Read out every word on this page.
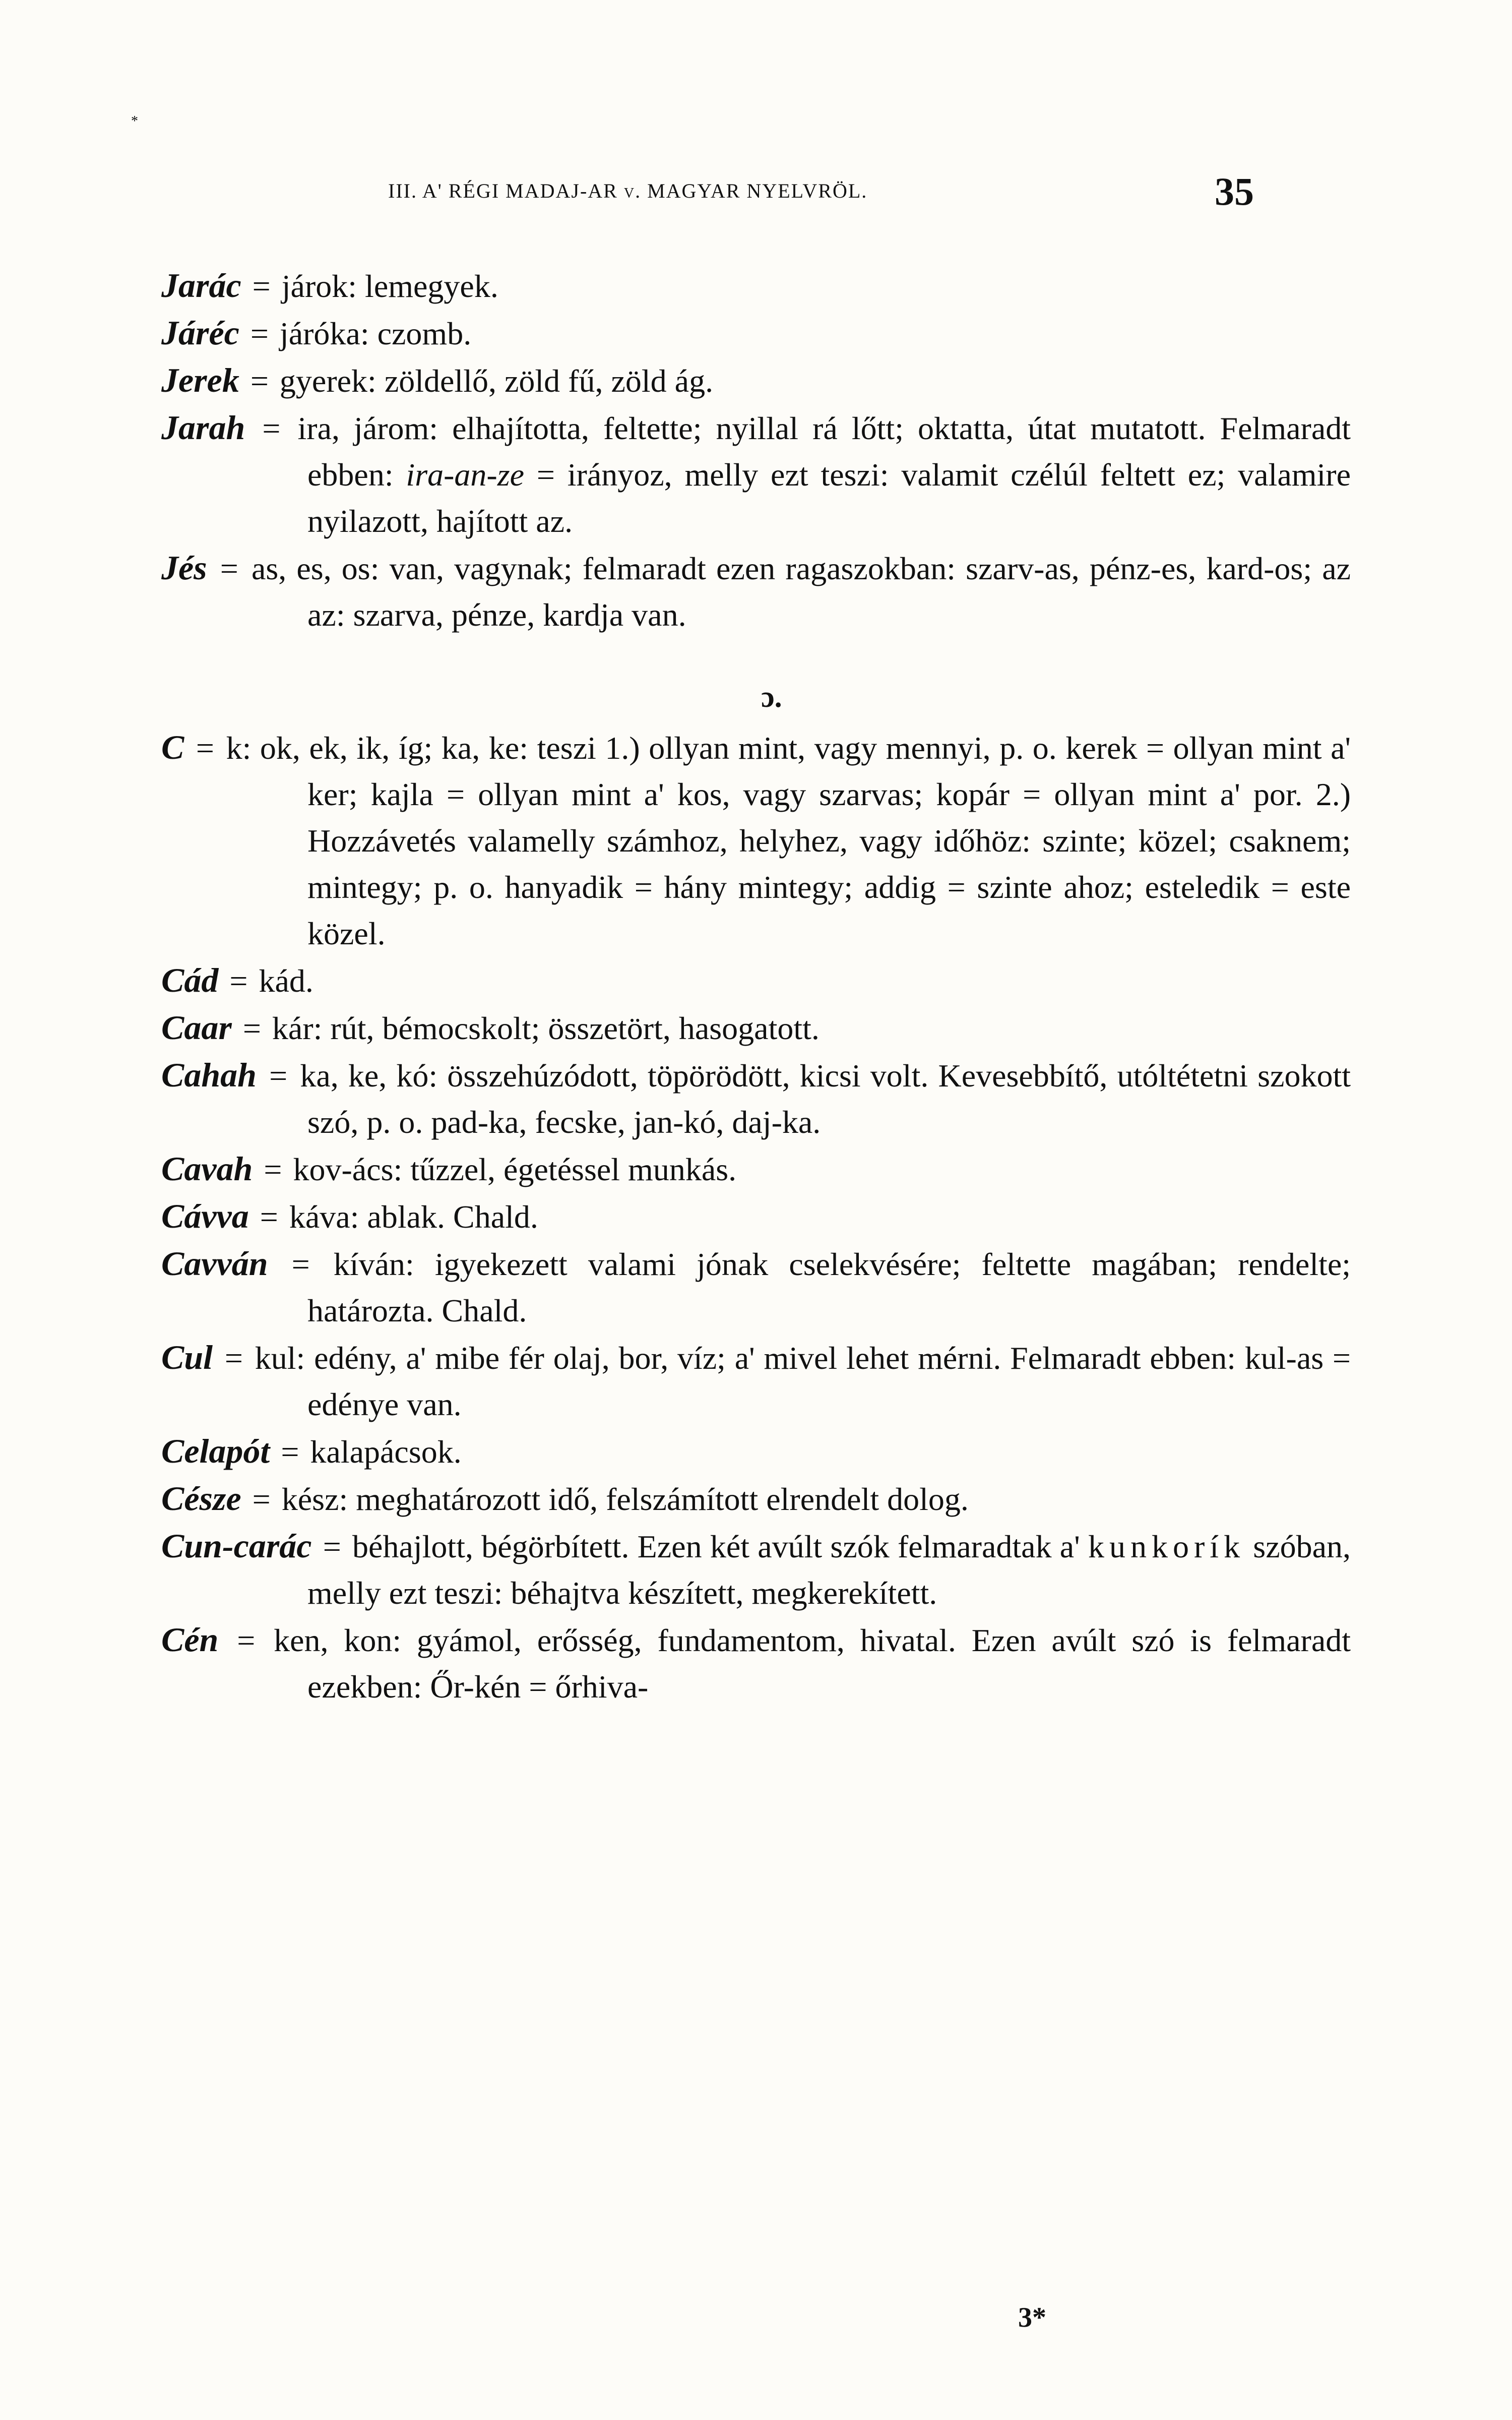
*
III. A' RÉGI MADAJ-AR v. MAGYAR NYELVRÖL.	35

Jarác = járok: lemegyek.

Járéc = járóka: czomb.

Jerek = gyerek: zöldellő, zöld fű, zöld ág.

Jarah = ira, járom: elhajította, feltette; nyillal rá lőtt; oktatta, útat mutatott. Felmaradt ebben: ira-an-ze = irányoz, melly ezt teszi: valamit czélúl feltett ez; valamire nyilazott, hajított az.

Jés = as, es, os: van, vagynak; felmaradt ezen ragaszokban: szarv-as, pénz-es, kard-os; az az: szarva, pénze, kardja van.

ɔ.

C = k: ok, ek, ik, íg; ka, ke: teszi 1.) ollyan mint, vagy mennyi, p. o. kerek = ollyan mint a' ker; kajla = ollyan mint a' kos, vagy szarvas; kopár = ollyan mint a' por. 2.) Hozzávetés valamelly számhoz, helyhez, vagy időhöz: szinte; közel; csaknem; mintegy; p. o. hanyadik = hány mintegy; addig = szinte ahoz; esteledik = este közel.

Cád = kád.

Caar = kár: rút, bémocskolt; összetört, hasogatott.

Cahah = ka, ke, kó: összehúzódott, töpörödött, kicsi volt. Kevesebbítő, utóltétetni szokott szó, p. o. pad-ka, fecske, jan-kó, daj-ka.

Cavah = kov-ács: tűzzel, égetéssel munkás.

Cávva = káva: ablak. Chald.

Cavván = kíván: igyekezett valami jónak cselekvésére; feltette magában; rendelte; határozta. Chald.

Cul = kul: edény, a' mibe fér olaj, bor, víz; a' mivel lehet mérni. Felmaradt ebben: kul-as = edénye van.

Celapót = kalapácsok.

Césze = kész: meghatározott idő, felszámított elrendelt dolog.

Cun-carác = béhajlott, bégörbített. Ezen két avúlt szók felmaradtak a' kunkorík szóban, melly ezt teszi: béhajtva készített, megkerekített.

Cén = ken, kon: gyámol, erősség, fundamentom, hivatal. Ezen avúlt szó is felmaradt ezekben: Őr-kén = őrhiva-

3*
